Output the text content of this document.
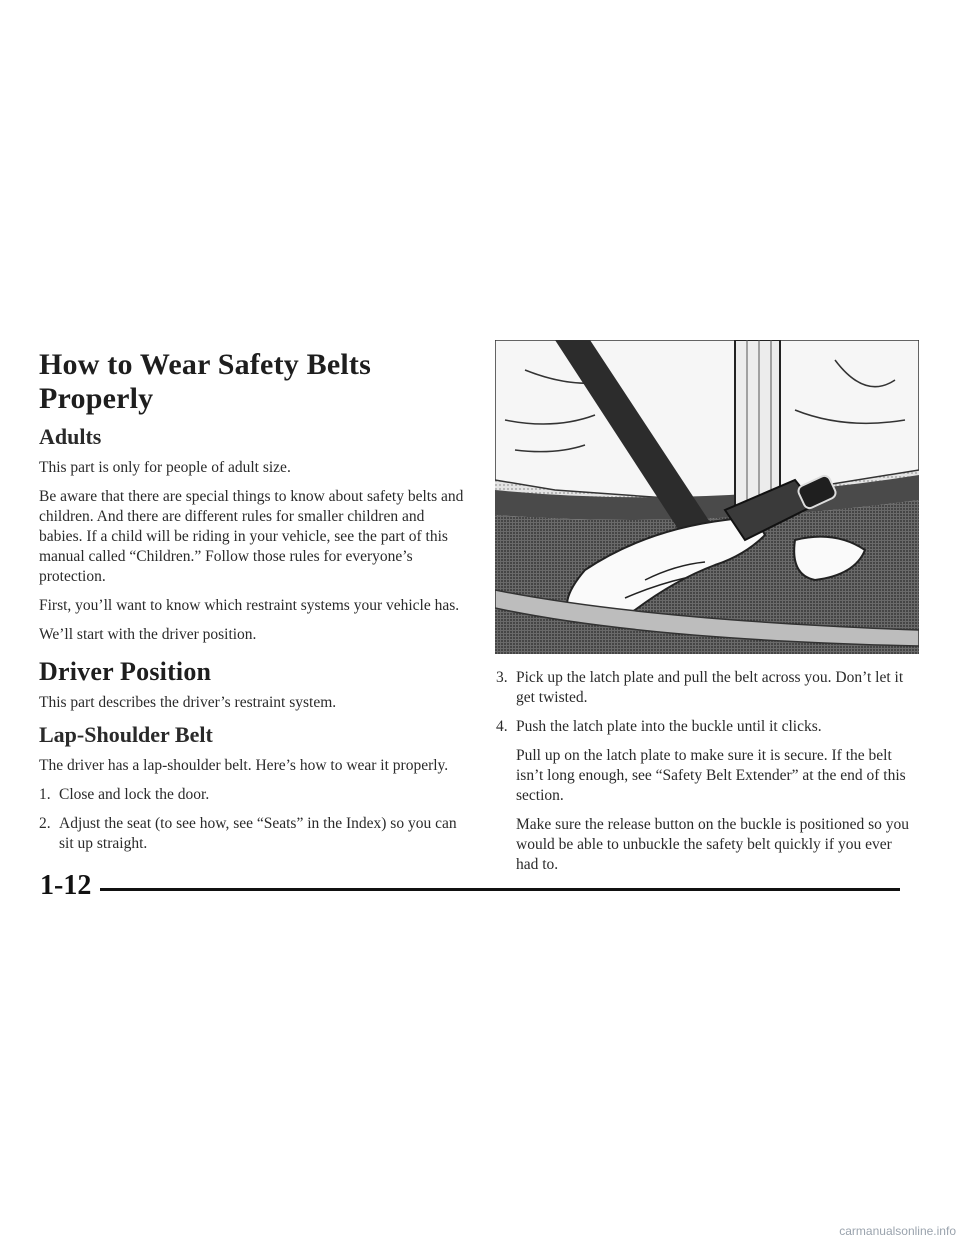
How to Wear Safety Belts Properly
Adults

This part is only for people of adult size.

Be aware that there are special things to know about safety belts and children. And there are different rules for smaller children and babies. If a child will be riding in your vehicle, see the part of this manual called “Children.” Follow those rules for everyone’s protection.

First, you’ll want to know which restraint systems your vehicle has.

We’ll start with the driver position.

Driver Position

This part describes the driver’s restraint system.

Lap-Shoulder Belt

The driver has a lap-shoulder belt. Here’s how to wear it properly.

1. Close and lock the door.
2. Adjust the seat (to see how, see “Seats” in the Index) so you can sit up straight.
3. Pick up the latch plate and pull the belt across you. Don’t let it get twisted.
4. Push the latch plate into the buckle until it clicks.

Pull up on the latch plate to make sure it is secure. If the belt isn’t long enough, see “Safety Belt Extender” at the end of this section.

Make sure the release button on the buckle is positioned so you would be able to unbuckle the safety belt quickly if you ever had to.

1-12
carmanualsonline.info
